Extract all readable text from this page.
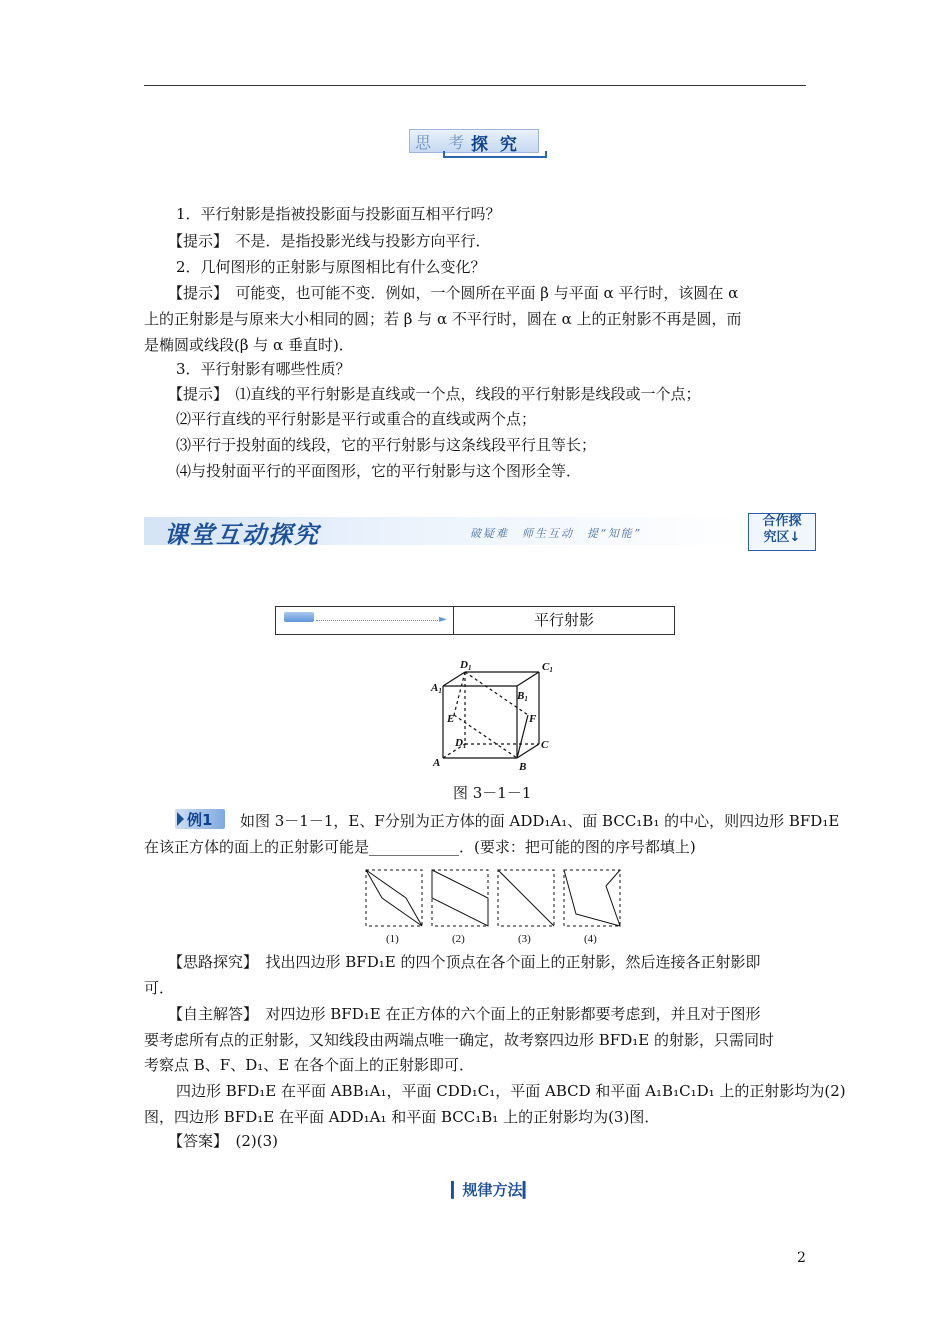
思 考 探 究
1．平行射影是指被投影面与投影面互相平行吗？
【提示】　不是．是指投影光线与投影方向平行．
2．几何图形的正射影与原图相比有什么变化？
【提示】　可能变，也可能不变．例如，一个圆所在平面 β 与平面 α 平行时，该圆在 α
上的正射影是与原来大小相同的圆；若 β 与 α 不平行时，圆在 α 上的正射影不再是圆，而
是椭圆或线段(β 与 α 垂直时)．
3．平行射影有哪些性质？
【提示】　⑴直线的平行射影是直线或一个点，线段的平行射影是线段或一个点；
⑵平行直线的平行射影是平行或重合的直线或两个点；
⑶平行于投射面的线段，它的平行射影与这条线段平行且等长；
⑷与投射面平行的平面图形，它的平行射影与这个图形全等．
课堂互动探究	破疑难　师生互动　提“知能”
合作探
究区↓
►	平行射影
D1	C1
A1	B1
E	F
D1	C
A	B
图 3－1－1
例1 如图 3－1－1，E、F分别为正方体的面 ADD₁A₁、面 BCC₁B₁ 的中心，则四边形 BFD₁E
在该正方体的面上的正射影可能是____________．(要求：把可能的图的序号都填上)
(1)	(2)	(3)	(4)
【思路探究】　找出四边形 BFD₁E 的四个顶点在各个面上的正射影，然后连接各正射影即
可．
【自主解答】　对四边形 BFD₁E 在正方体的六个面上的正射影都要考虑到，并且对于图形
要考虑所有点的正射影，又知线段由两端点唯一确定，故考察四边形 BFD₁E 的射影，只需同时
考察点 B、F、D₁、E 在各个面上的正射影即可．
四边形 BFD₁E 在平面 ABB₁A₁，平面 CDD₁C₁，平面 ABCD 和平面 A₁B₁C₁D₁ 上的正射影均为(2)
图，四边形 BFD₁E 在平面 ADD₁A₁ 和平面 BCC₁B₁ 上的正射影均为(3)图．
【答案】　(2)(3)
▎规律方法▎
2
